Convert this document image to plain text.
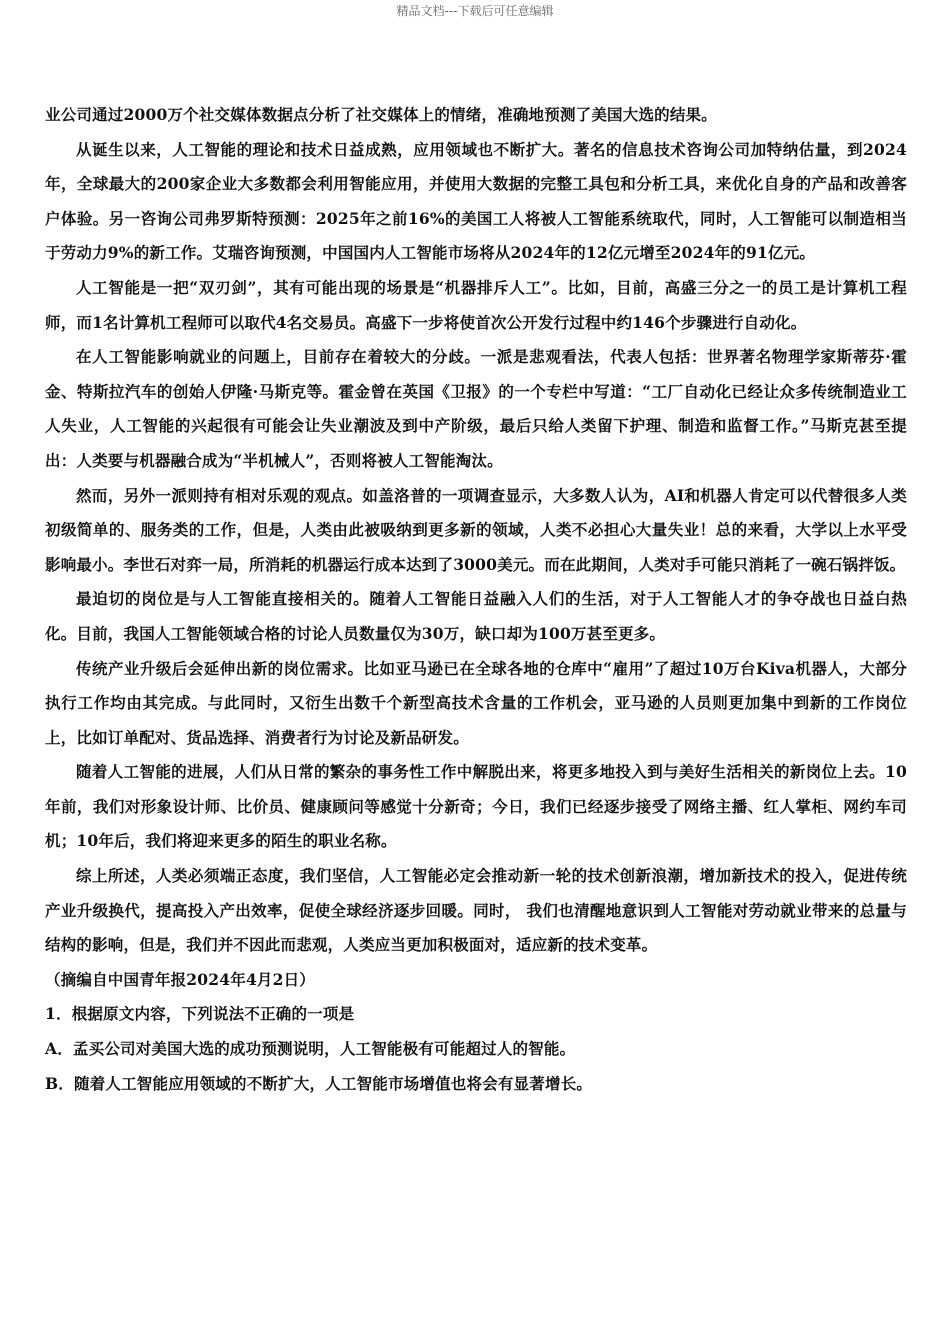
精品文档---下载后可任意编辑

业公司通过2000万个社交媒体数据点分析了社交媒体上的情绪，准确地预测了美国大选的结果。

从诞生以来，人工智能的理论和技术日益成熟，应用领域也不断扩大。著名的信息技术咨询公司加特纳估量，到2024年，全球最大的200家企业大多数都会利用智能应用，并使用大数据的完整工具包和分析工具，来优化自身的产品和改善客户体验。另一咨询公司弗罗斯特预测：2025年之前16%的美国工人将被人工智能系统取代，同时，人工智能可以制造相当于劳动力9%的新工作。艾瑞咨询预测，中国国内人工智能市场将从2024年的12亿元增至2024年的91亿元。

人工智能是一把“双刃剑”，其有可能出现的场景是“机器排斥人工”。比如，目前，高盛三分之一的员工是计算机工程师，而1名计算机工程师可以取代4名交易员。高盛下一步将使首次公开发行过程中约146个步骤进行自动化。

在人工智能影响就业的问题上，目前存在着较大的分歧。一派是悲观看法，代表人包括：世界著名物理学家斯蒂芬·霍金、特斯拉汽车的创始人伊隆·马斯克等。霍金曾在英国《卫报》的一个专栏中写道：“工厂自动化已经让众多传统制造业工人失业，人工智能的兴起很有可能会让失业潮波及到中产阶级，最后只给人类留下护理、制造和监督工作。”马斯克甚至提出：人类要与机器融合成为“半机械人”，否则将被人工智能淘汰。

然而，另外一派则持有相对乐观的观点。如盖洛普的一项调查显示，大多数人认为，AI和机器人肯定可以代替很多人类初级简单的、服务类的工作，但是，人类由此被吸纳到更多新的领域，人类不必担心大量失业！总的来看，大学以上水平受影响最小。李世石对弈一局，所消耗的机器运行成本达到了3000美元。而在此期间，人类对手可能只消耗了一碗石锅拌饭。

最迫切的岗位是与人工智能直接相关的。随着人工智能日益融入人们的生活，对于人工智能人才的争夺战也日益白热化。目前，我国人工智能领域合格的讨论人员数量仅为30万，缺口却为100万甚至更多。

传统产业升级后会延伸出新的岗位需求。比如亚马逊已在全球各地的仓库中“雇用”了超过10万台Kiva机器人，大部分执行工作均由其完成。与此同时，又衍生出数千个新型高技术含量的工作机会，亚马逊的人员则更加集中到新的工作岗位上，比如订单配对、货品选择、消费者行为讨论及新品研发。

随着人工智能的进展，人们从日常的繁杂的事务性工作中解脱出来，将更多地投入到与美好生活相关的新岗位上去。10年前，我们对形象设计师、比价员、健康顾问等感觉十分新奇；今日，我们已经逐步接受了网络主播、红人掌柜、网约车司机；10年后，我们将迎来更多的陌生的职业名称。

综上所述，人类必须端正态度，我们坚信，人工智能必定会推动新一轮的技术创新浪潮，增加新技术的投入，促进传统产业升级换代，提高投入产出效率，促使全球经济逐步回暖。同时， 我们也清醒地意识到人工智能对劳动就业带来的总量与结构的影响，但是，我们并不因此而悲观，人类应当更加积极面对，适应新的技术变革。

（摘编自中国青年报2024年4月2日）

1．根据原文内容，下列说法不正确的一项是

A．孟买公司对美国大选的成功预测说明，人工智能极有可能超过人的智能。

B．随着人工智能应用领域的不断扩大，人工智能市场增值也将会有显著增长。
